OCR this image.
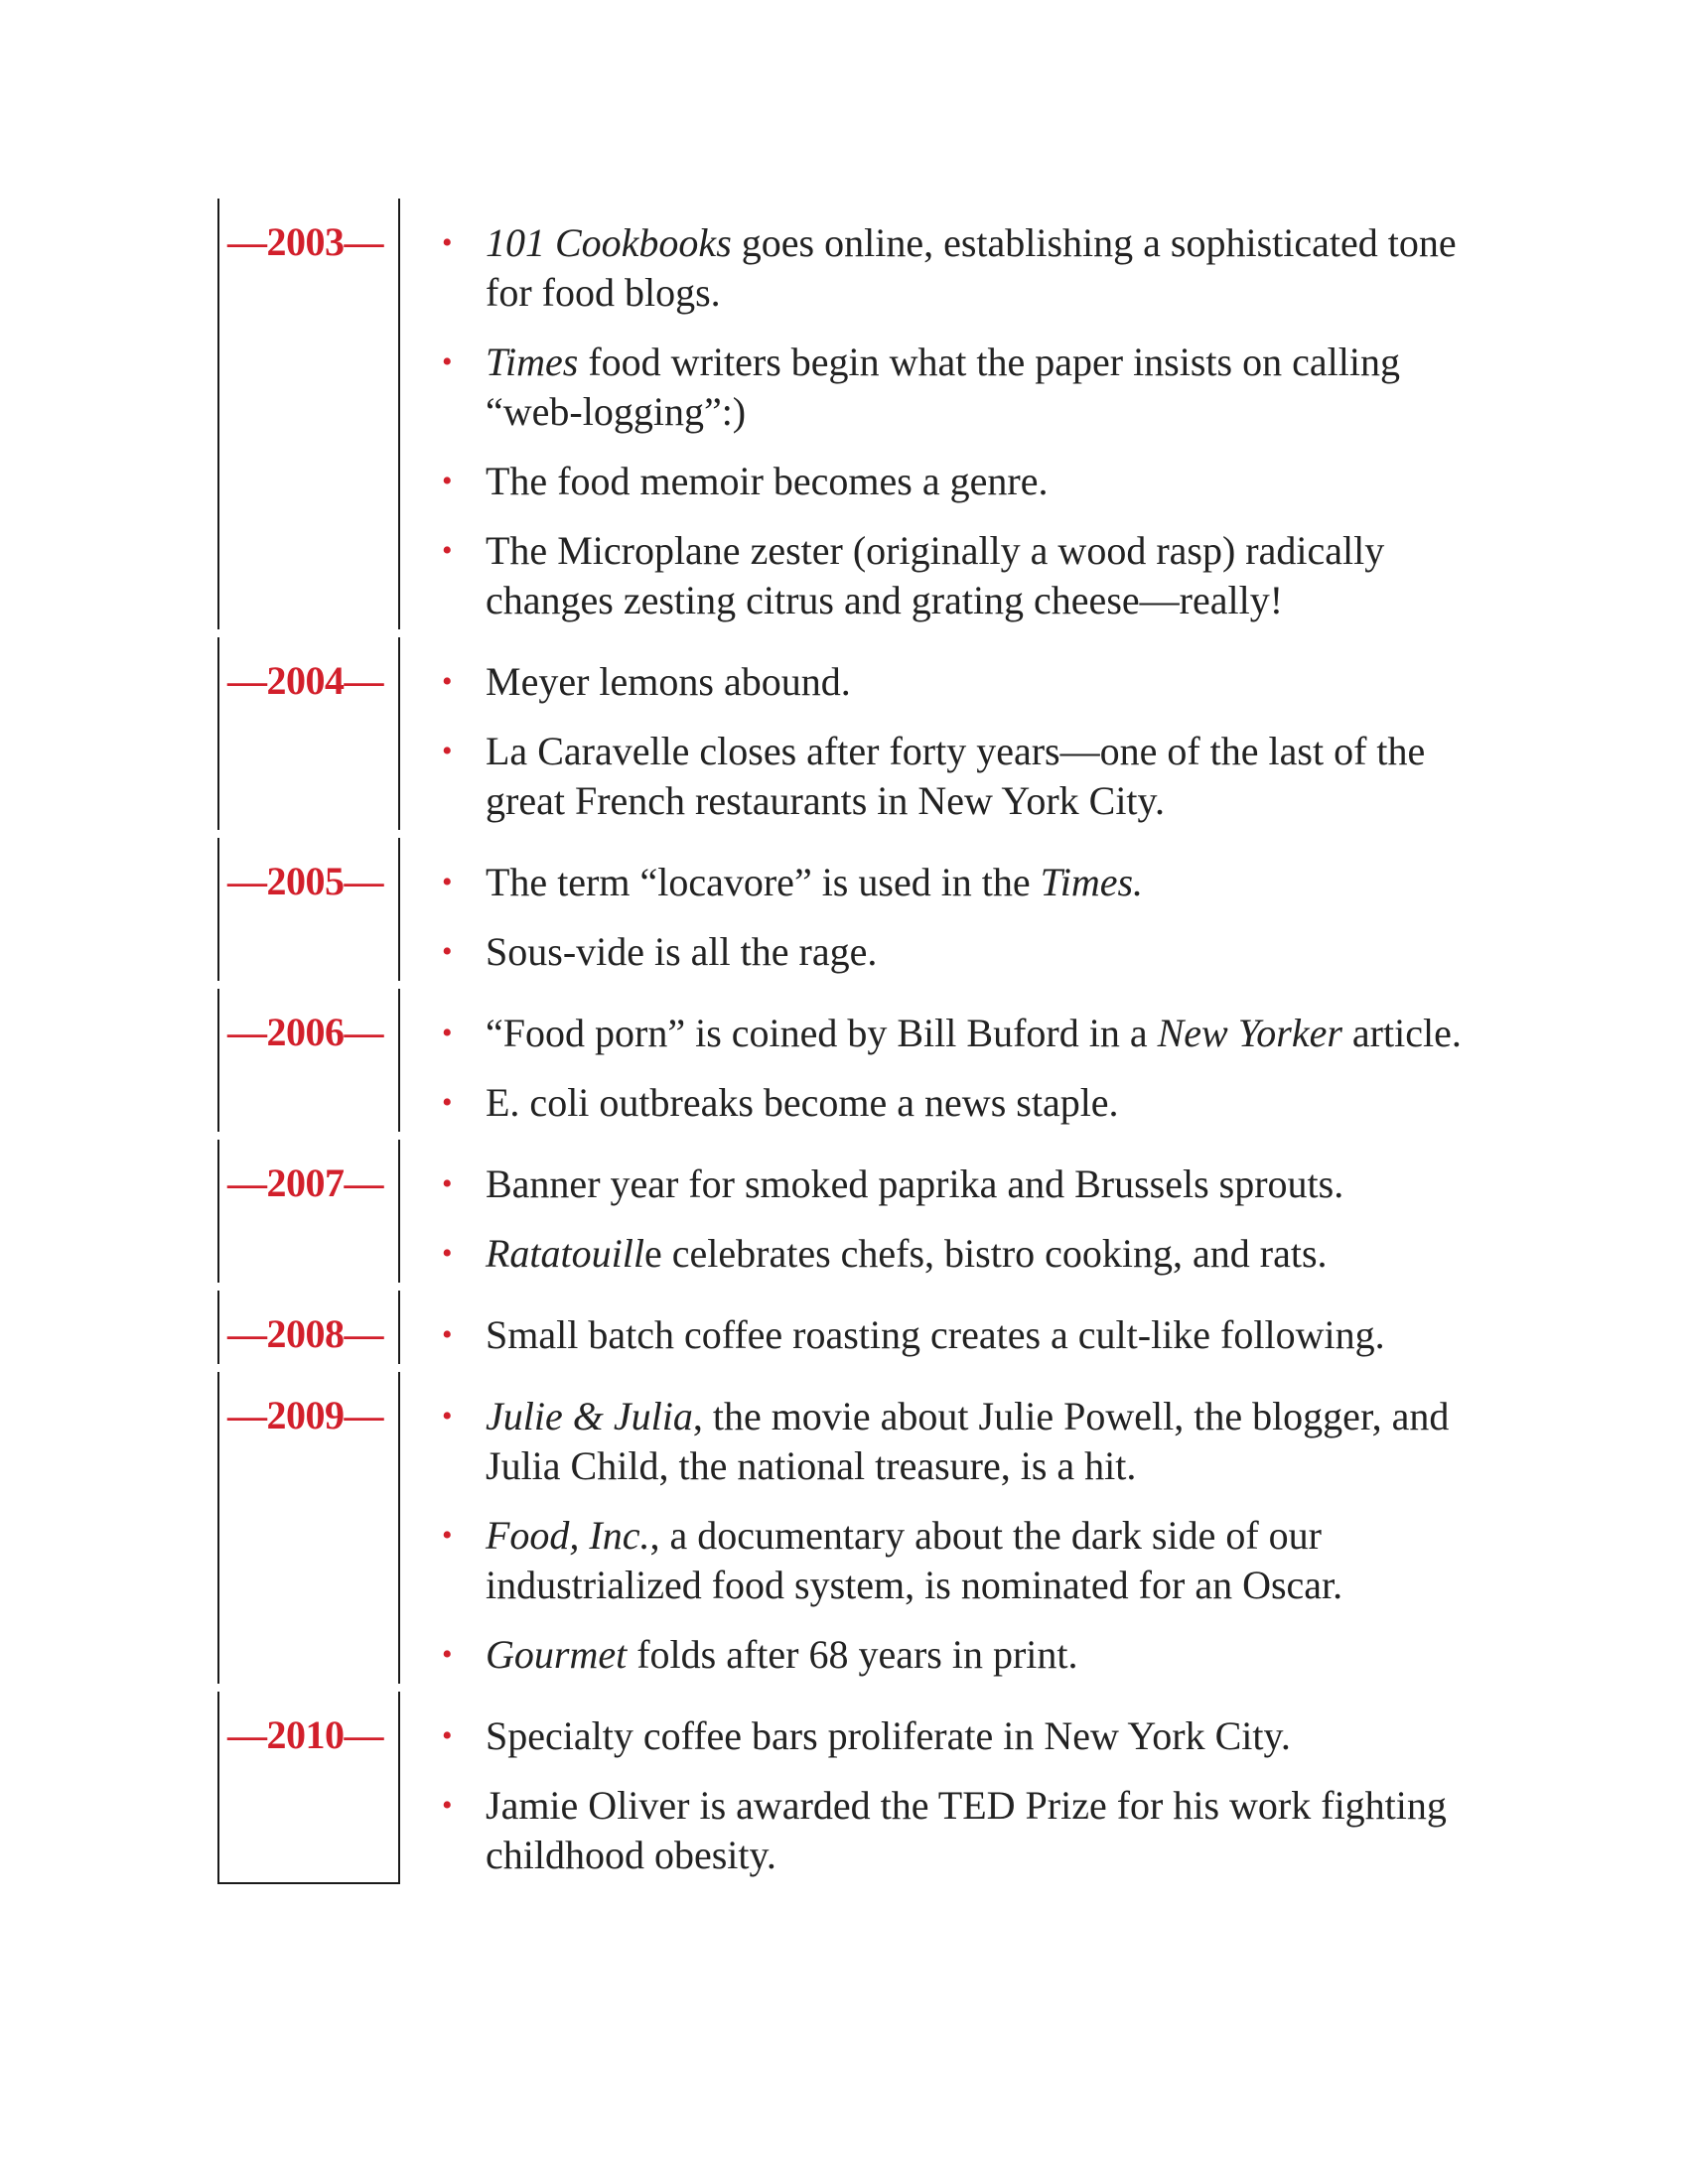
—2003— • 101 Cookbooks goes online, establishing a sophisticated tone for food blogs.
• Times food writers begin what the paper insists on calling “web-logging”:)
• The food memoir becomes a genre.
• The Microplane zester (originally a wood rasp) radically changes zesting citrus and grating cheese—really!
—2004— • Meyer lemons abound.
• La Caravelle closes after forty years—one of the last of the great French restaurants in New York City.
—2005— • The term “locavore” is used in the Times.
• Sous-vide is all the rage.
—2006— • “Food porn” is coined by Bill Buford in a New Yorker article.
• E. coli outbreaks become a news staple.
—2007— • Banner year for smoked paprika and Brussels sprouts.
• Ratatouille celebrates chefs, bistro cooking, and rats.
—2008— • Small batch coffee roasting creates a cult-like following.
—2009— • Julie & Julia, the movie about Julie Powell, the blogger, and Julia Child, the national treasure, is a hit.
• Food, Inc., a documentary about the dark side of our industrialized food system, is nominated for an Oscar.
• Gourmet folds after 68 years in print.
—2010— • Specialty coffee bars proliferate in New York City.
• Jamie Oliver is awarded the TED Prize for his work fighting childhood obesity.
